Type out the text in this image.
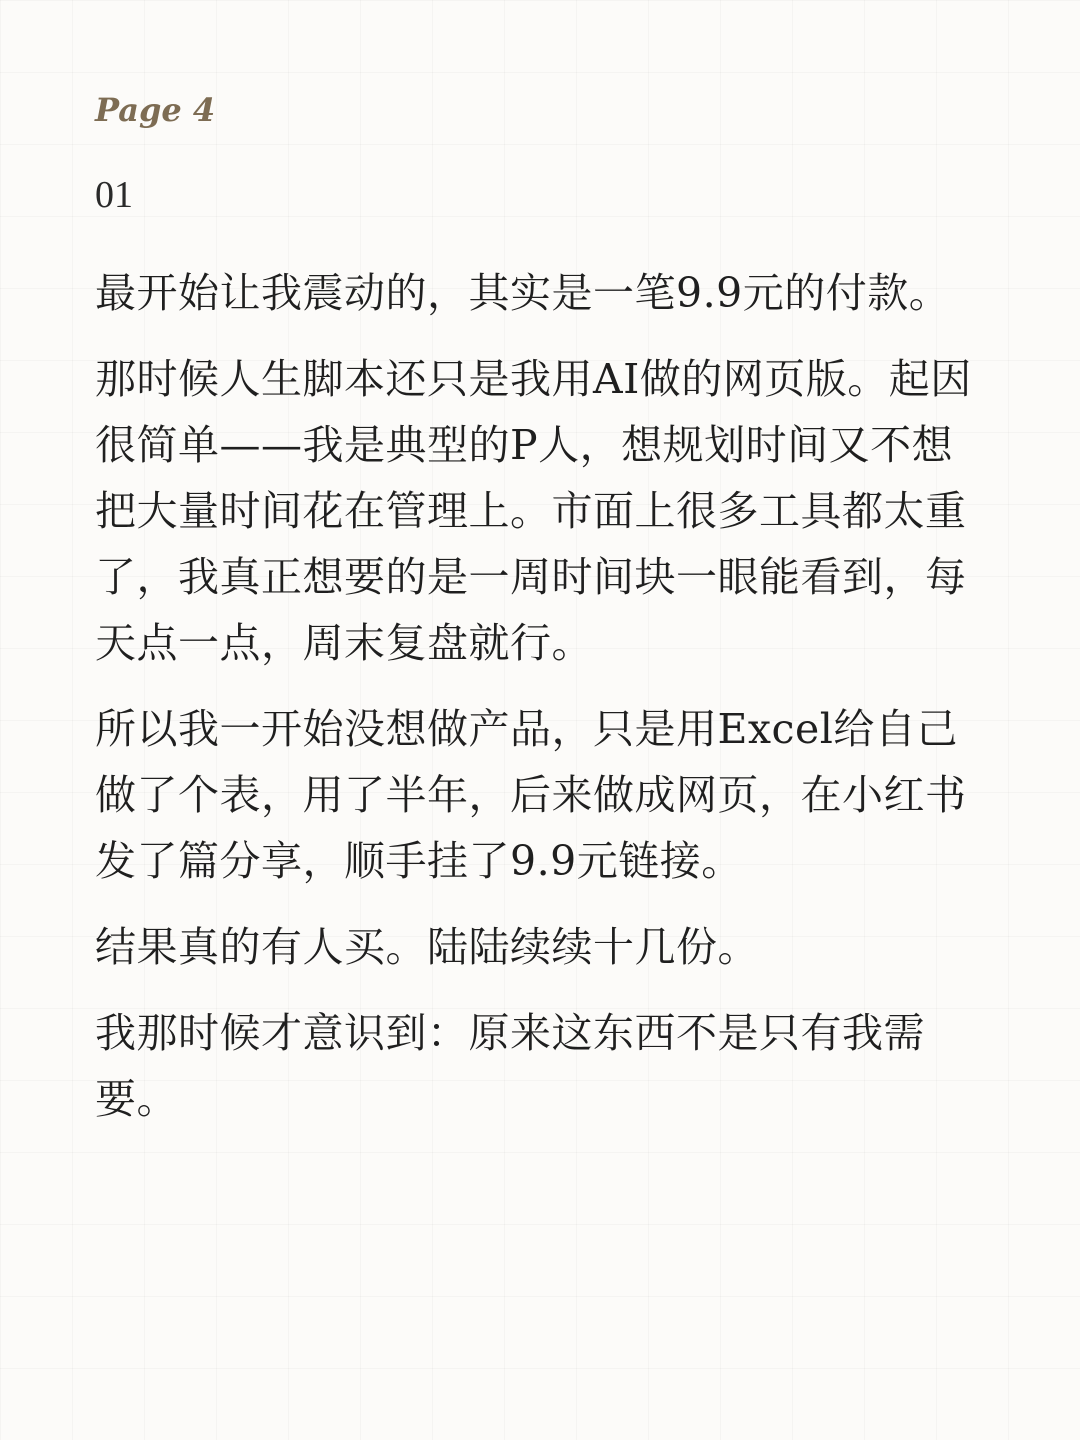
Page 4

01

最开始让我震动的，其实是一笔9.9元的付款。

那时候人生脚本还只是我用AI做的网页版。起因很简单——我是典型的P人，想规划时间又不想把大量时间花在管理上。市面上很多工具都太重了，我真正想要的是一周时间块一眼能看到，每天点一点，周末复盘就行。

所以我一开始没想做产品，只是用Excel给自己做了个表，用了半年，后来做成网页，在小红书发了篇分享，顺手挂了9.9元链接。

结果真的有人买。陆陆续续十几份。

我那时候才意识到：原来这东西不是只有我需要。
